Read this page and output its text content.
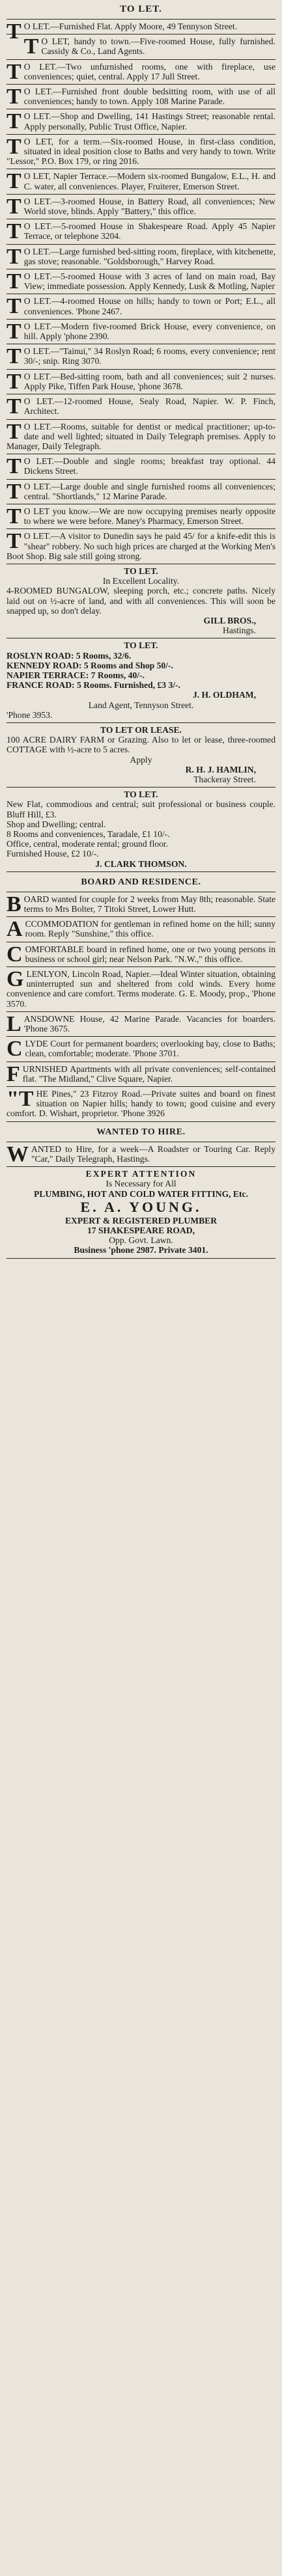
TO LET.
TO LET.—Furnished Flat. Apply Moore, 49 Tennyson Street.
TO LET, handy to town.—Five-roomed House, fully furnished. Cassidy & Co., Land Agents.
TO LET.—Two unfurnished rooms, one with fireplace, use conveniences; quiet, central. Apply 17 Jull Street.
TO LET.—Furnished front double bedsitting room, with use of all conveniences; handy to town. Apply 108 Marine Parade.
TO LET.—Shop and Dwelling, 141 Hastings Street; reasonable rental. Apply personally, Public Trust Office, Napier.
TO LET, for a term.—Six-roomed House, in first-class condition, situated in ideal position close to Baths and very handy to town. Write "Lessor," P.O. Box 179, or ring 2016.
TO LET, Napier Terrace.—Modern six-roomed Bungalow, E.L., H. and C. water, all conveniences. Player, Fruiterer, Emerson Street.
TO LET.—3-roomed House, in Battery Road, all conveniences; New World stove, blinds. Apply "Battery," this office.
TO LET.—5-roomed House in Shakespeare Road. Apply 45 Napier Terrace, or telephone 3204.
TO LET.—Large furnished bed-sitting room, fireplace, with kitchenette, gas stove; reasonable. "Goldsborough," Harvey Road.
TO LET.—5-roomed House with 3 acres of land on main road, Bay View; immediate possession. Apply Kennedy, Lusk & Motling, Napier
TO LET.—4-roomed House on hills; handy to town or Port; E.L., all conveniences. 'Phone 2467.
TO LET.—Modern five-roomed Brick House, every convenience, on hill. Apply 'phone 2390.
TO LET.—"Tainui," 34 Roslyn Road; 6 rooms, every convenience; rent 30/-; snip. Ring 3070.
TO LET.—Bed-sitting room, bath and all conveniences; suit 2 nurses. Apply Pike, Tiffen Park House, 'phone 3678.
TO LET.—12-roomed House, Sealy Road, Napier. W. P. Finch, Architect.
TO LET.—Rooms, suitable for dentist or medical practitioner; up-to-date and well lighted; situated in Daily Telegraph premises. Apply to Manager, Daily Telegraph.
TO LET.—Double and single rooms; breakfast tray optional. 44 Dickens Street.
TO LET.—Large double and single furnished rooms all conveniences; central. "Shortlands," 12 Marine Parade.
TO LET you know.—We are now occupying premises nearly opposite to where we were before. Maney's Pharmacy, Emerson Street.
TO LET.—A visitor to Dunedin says he paid 45/ for a knife-edit this is "shear" robbery. No such high prices are charged at the Working Men's Boot Shop. Big sale still going strong.
TO LET.
In Excellent Locality.
4-ROOMED BUNGALOW, sleeping porch, etc.; concrete paths. Nicely laid out on ½-acre of land, and with all conveniences. This will soon be snapped up, so don't delay.
GILL BROS.,
Hastings.
TO LET.
ROSLYN ROAD: 5 Rooms, 32/6.
KENNEDY ROAD: 5 Rooms and Shop 50/-.
NAPIER TERRACE: 7 Rooms, 40/-.
FRANCE ROAD: 5 Rooms. Furnished, £3 3/-.
J. H. OLDHAM,
Land Agent, Tennyson Street.
'Phone 3953.
TO LET OR LEASE.
100 ACRE DAIRY FARM or Grazing. Also to let or lease, three-roomed COTTAGE with ½-acre to 5 acres.
Apply
R. H. J. HAMLIN,
Thackeray Street.
TO LET.
New Flat, commodious and central; suit professional or business couple. Bluff Hill, £3.
Shop and Dwelling; central.
8 Rooms and conveniences, Taradale, £1 10/-.
Office, central, moderate rental; ground floor.
Furnished House, £2 10/-.
J. CLARK THOMSON.
BOARD AND RESIDENCE.
BOARD wanted for couple for 2 weeks from May 8th; reasonable. State terms to Mrs Bolter, 7 Titoki Street, Lower Hutt.
ACCOMMODATION for gentleman in refined home on the hill; sunny room. Reply "Sunshine," this office.
COMFORTABLE board in refined home, one or two young persons in business or school girl; near Nelson Park. "N.W.," this office.
GLENLYON, Lincoln Road, Napier.—Ideal Winter situation, obtaining uninterrupted sun and sheltered from cold winds. Every home convenience and care comfort. Terms moderate. G. E. Moody, prop., 'Phone 3570.
LANSDOWNE House, 42 Marine Parade. Vacancies for boarders. 'Phone 3675.
CLYDE Court for permanent boarders; overlooking bay, close to Baths; clean, comfortable; moderate. 'Phone 3701.
FURNISHED Apartments with all private conveniences; self-contained flat. "The Midland," Clive Square, Napier.
"THE Pines," 23 Fitzroy Road.—Private suites and board on finest situation on Napier hills; handy to town; good cuisine and every comfort. D. Wishart, proprietor. 'Phone 3926
WANTED TO HIRE.
WANTED to Hire, for a week—A Roadster or Touring Car. Reply "Car," Daily Telegraph, Hastings.
EXPERT ATTENTION
Is Necessary for All
PLUMBING, HOT AND COLD WATER FITTING, Etc.
E. A. YOUNG.
EXPERT & REGISTERED PLUMBER
17 SHAKESPEARE ROAD,
Opp. Govt. Lawn.
Business 'phone 2987. Private 3401.
